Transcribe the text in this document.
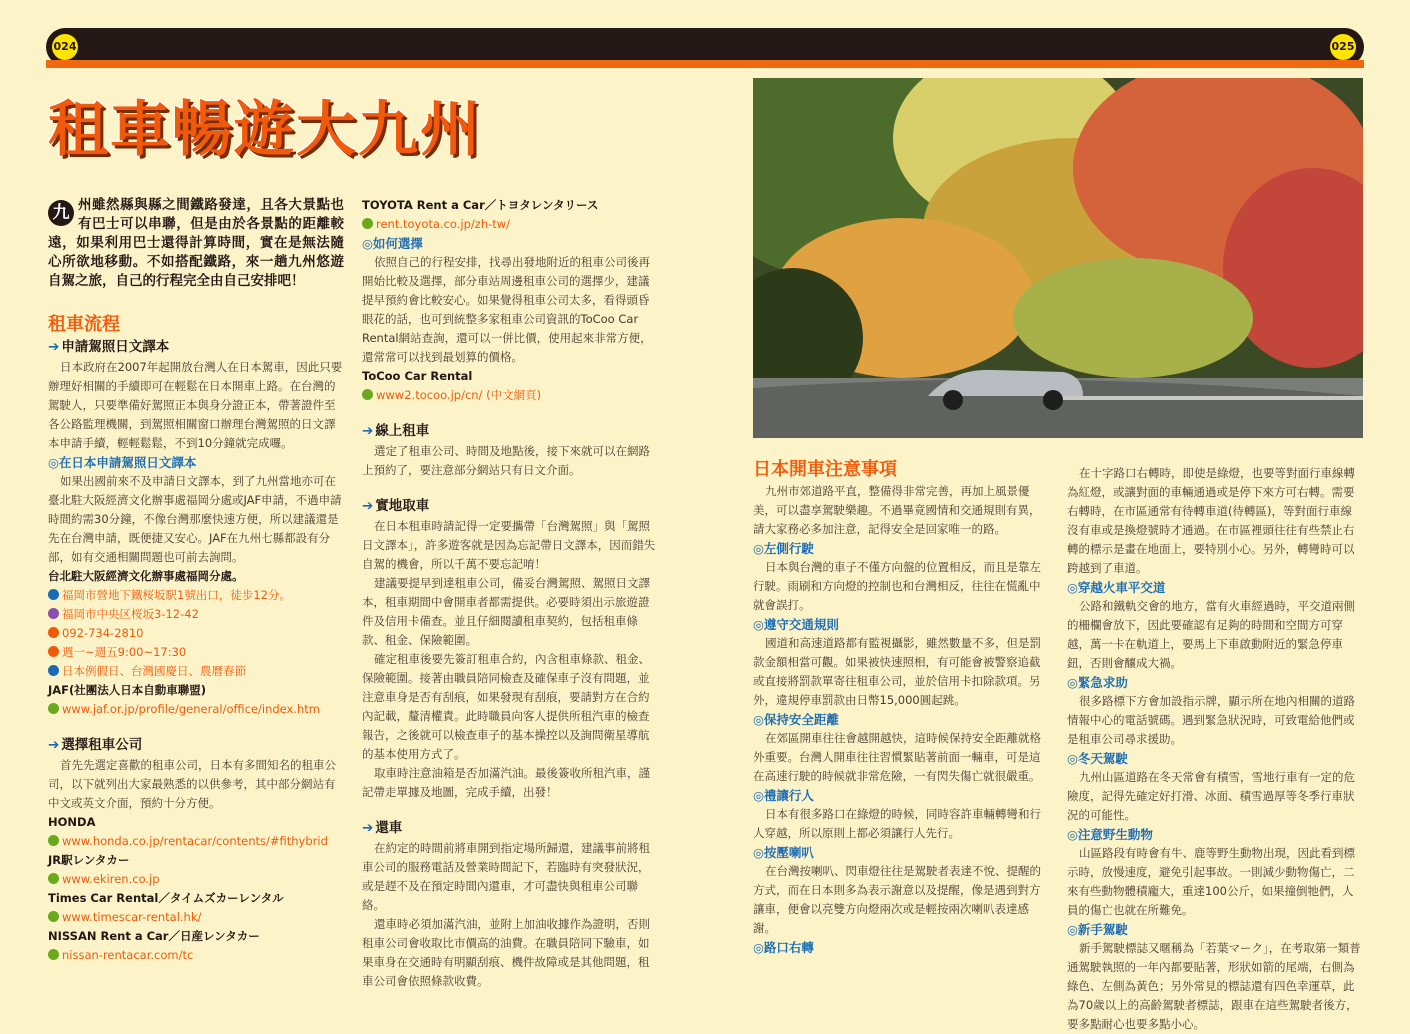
024	025
租車暢遊大九州
九 州雖然縣與縣之間鐵路發達，且各大景點也有巴士可以串聯，但是由於各景點的距離較遠，如果利用巴士還得計算時間，實在是無法隨心所欲地移動。不如搭配鐵路，來一趟九州悠遊自駕之旅，自己的行程完全由自己安排吧！
租車流程
➔ 申請駕照日文譯本
日本政府在2007年起開放台灣人在日本駕車，因此只要辦理好相關的手續即可在輕鬆在日本開車上路。在台灣的駕駛人，只要準備好駕照正本與身分證正本，帶著證件至各公路監理機關，到駕照相關窗口辦理台灣駕照的日文譯本申請手續，輕輕鬆鬆，不到10分鐘就完成囉。
◎在日本申請駕照日文譯本
如果出國前來不及申請日文譯本，到了九州當地亦可在臺北駐大阪經濟文化辦事處福岡分處或JAF申請，不過申請時間約需30分鐘，不像台灣那麼快速方便，所以建議還是先在台灣申請，既便捷又安心。JAF在九州七縣都設有分部，如有交通相關問題也可前去詢問。
台北駐大阪經濟文化辦事處福岡分處。
福岡市營地下鐵桜坂駅1號出口，徒步12分。
福岡市中央区桜坂3-12-42
092-734-2810
週一~週五9:00~17:30
日本例假日、台灣國慶日、農曆春節
JAF(社團法人日本自動車聯盟)
www.jaf.or.jp/profile/general/office/index.htm
➔ 選擇租車公司
首先先選定喜歡的租車公司，日本有多間知名的租車公司，以下就列出大家最熟悉的以供參考，其中部分網站有中文或英文介面，預約十分方便。
HONDA
www.honda.co.jp/rentacar/contents/#fithybrid
JR駅レンタカー
www.ekiren.co.jp
Times Car Rental／タイムズカーレンタル
www.timescar-rental.hk/
NISSAN Rent a Car／日産レンタカー
nissan-rentacar.com/tc
TOYOTA Rent a Car／トヨタレンタリース
rent.toyota.co.jp/zh-tw/
◎如何選擇
依照自己的行程安排，找尋出發地附近的租車公司後再開始比較及選擇，部分車站周邊租車公司的選擇少，建議提早預約會比較安心。如果覺得租車公司太多，看得頭昏眼花的話，也可到統整多家租車公司資訊的ToCoo Car Rental網站查詢，還可以一併比價，使用起來非常方便，還常常可以找到最划算的價格。
ToCoo Car Rental
www2.tocoo.jp/cn/ (中文網頁)
➔ 線上租車
選定了租車公司、時間及地點後，接下來就可以在網路上預約了，要注意部分網站只有日文介面。
➔ 實地取車
在日本租車時請記得一定要攜帶「台灣駕照」與「駕照日文譯本」，許多遊客就是因為忘記帶日文譯本，因而錯失自駕的機會，所以千萬不要忘記唷！
建議要提早到達租車公司，備妥台灣駕照、駕照日文譯本，租車期間中會開車者都需提供。必要時須出示旅遊證件及信用卡備查。並且仔細閱讀租車契約，包括租車條款、租金、保險範圍。
確定租車後要先簽訂租車合約，內含租車條款、租金、保險範圍。接著由職員陪同檢查及確保車子沒有問題，並注意車身是否有刮痕，如果發現有刮痕，要請對方在合約內記載，釐清權責。此時職員向客人提供所租汽車的檢查報告，之後就可以檢查車子的基本操控以及詢問衛星導航的基本使用方式了。
取車時注意油箱是否加滿汽油。最後簽收所租汽車，謹記帶走單據及地圖，完成手續，出發！
➔ 還車
在約定的時間前將車開到指定場所歸還，建議事前將租車公司的服務電話及營業時間記下，若臨時有突發狀況，或是趕不及在預定時間內還車，才可盡快與租車公司聯絡。
還車時必須加滿汽油，並附上加油收據作為證明，否則租車公司會收取比市價高的油費。在職員陪同下驗車，如果車身在交通時有明顯刮痕、機件故障或是其他問題，租車公司會依照條款收費。
日本開車注意事項
九州市郊道路平直，整備得非常完善，再加上風景優美，可以盡享駕駛樂趣。不過畢竟國情和交通規則有異，請大家務必多加注意，記得安全是回家唯一的路。
◎左側行駛
日本與台灣的車子不僅方向盤的位置相反，而且是靠左行駛。雨刷和方向燈的控制也和台灣相反，往往在慌亂中就會誤打。
◎遵守交通規則
國道和高速道路都有監視攝影，雖然數量不多，但是罰款金額相當可觀。如果被快速照相，有可能會被警察追截或直接將罰款單寄往租車公司，並於信用卡扣除款項。另外，違規停車罰款由日幣15,000圓起跳。
◎保持安全距離
在郊區開車往往會越開越快，這時候保持安全距離就格外重要。台灣人開車往往習慣緊貼著前面一輛車，可是這在高速行駛的時候就非常危險，一有閃失傷亡就很嚴重。
◎禮讓行人
日本有很多路口在綠燈的時候，同時容許車輛轉彎和行人穿越，所以原則上都必須讓行人先行。
◎按壓喇叭
在台灣按喇叭、閃車燈往往是駕駛者表達不悅、提醒的方式，而在日本則多為表示謝意以及提醒，像是遇到對方讓車，便會以亮雙方向燈兩次或是輕按兩次喇叭表達感謝。
◎路口右轉
在十字路口右轉時，即使是綠燈，也要等對面行車線轉為紅燈，或讓對面的車輛通過或是停下來方可右轉。需要右轉時，在市區通常有待轉車道(待轉區)，等對面行車線沒有車或是換燈號時才通過。在市區裡頭往往有些禁止右轉的標示是畫在地面上，要特別小心。另外，轉彎時可以跨越到了車道。
◎穿越火車平交道
公路和鐵軌交會的地方，當有火車經過時，平交道兩側的柵欄會放下，因此要確認有足夠的時間和空間方可穿越，萬一卡在軌道上，要馬上下車啟動附近的緊急停車鈕，否則會釀成大禍。
◎緊急求助
很多路標下方會加設指示牌，顯示所在地內相關的道路情報中心的電話號碼。遇到緊急狀況時，可致電給他們或是租車公司尋求援助。
◎冬天駕駛
九州山區道路在冬天常會有積雪，雪地行車有一定的危險度，記得先確定好打滑、冰面、積雪過厚等冬季行車狀況的可能性。
◎注意野生動物
山區路段有時會有牛、鹿等野生動物出現，因此看到標示時，放慢速度，避免引起事故。一則減少動物傷亡，二來有些動物體積龐大，重達100公斤，如果撞倒牠們，人員的傷亡也就在所難免。
◎新手駕駛
新手駕駛標誌又暱稱為「若葉マーク」，在考取第一類普通駕駛執照的一年內都要貼著，形狀如箭的尾端，右側為綠色、左側為黃色；另外常見的標誌還有四色幸運草，此為70歲以上的高齡駕駛者標誌，跟車在這些駕駛者後方，要多點耐心也要多點小心。
